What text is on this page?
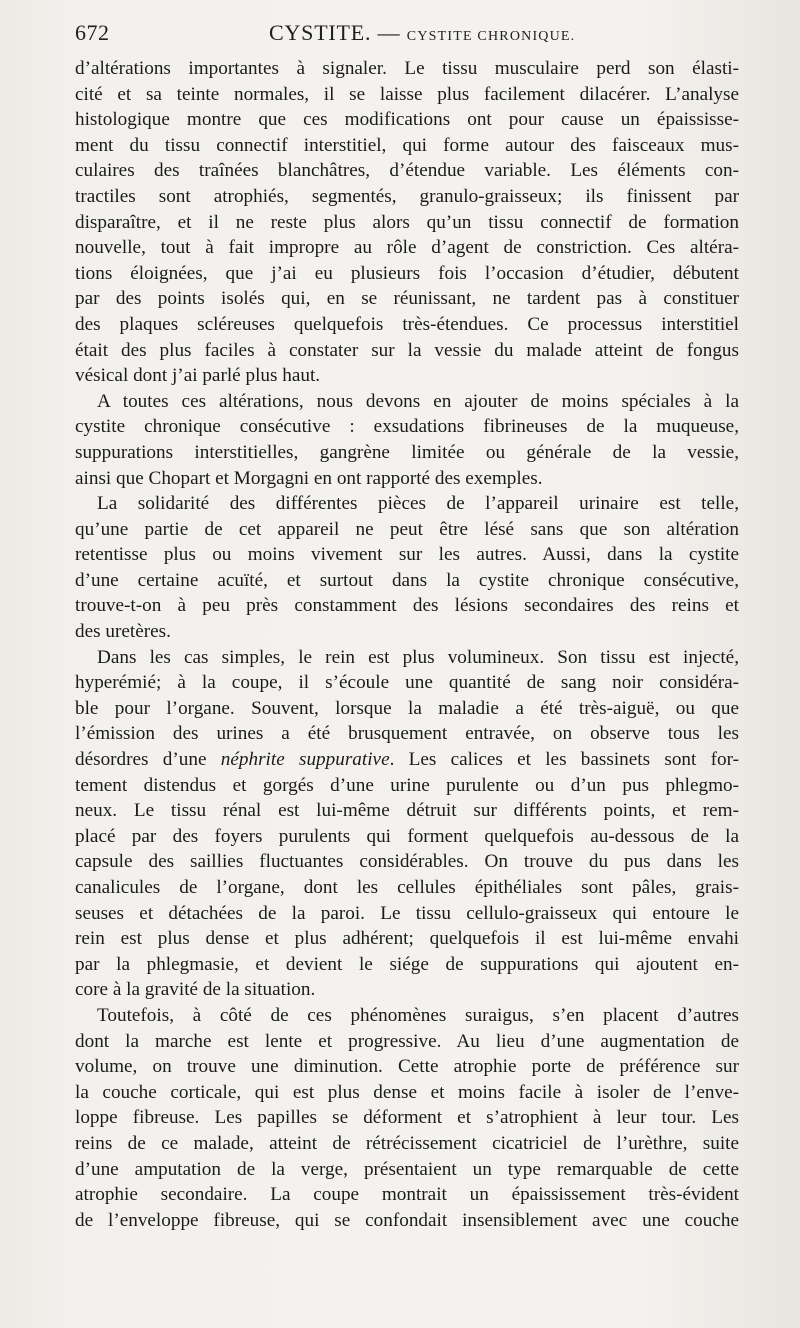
672	CYSTITE. — CYSTITE CHRONIQUE.
d’altérations importantes à signaler. Le tissu musculaire perd son élasti-
cité et sa teinte normales, il se laisse plus facilement dilacérer. L’analyse
histologique montre que ces modifications ont pour cause un épaississe-
ment du tissu connectif interstitiel, qui forme autour des faisceaux mus-
culaires des traînées blanchâtres, d’étendue variable. Les éléments con-
tractiles sont atrophiés, segmentés, granulo-graisseux; ils finissent par
disparaître, et il ne reste plus alors qu’un tissu connectif de formation
nouvelle, tout à fait impropre au rôle d’agent de constriction. Ces altéra-
tions éloignées, que j’ai eu plusieurs fois l’occasion d’étudier, débutent
par des points isolés qui, en se réunissant, ne tardent pas à constituer
des plaques scléreuses quelquefois très-étendues. Ce processus interstitiel
était des plus faciles à constater sur la vessie du malade atteint de fongus
vésical dont j’ai parlé plus haut.
A toutes ces altérations, nous devons en ajouter de moins spéciales à la
cystite chronique consécutive : exsudations fibrineuses de la muqueuse,
suppurations interstitielles, gangrène limitée ou générale de la vessie,
ainsi que Chopart et Morgagni en ont rapporté des exemples.
La solidarité des différentes pièces de l’appareil urinaire est telle,
qu’une partie de cet appareil ne peut être lésé sans que son altération
retentisse plus ou moins vivement sur les autres. Aussi, dans la cystite
d’une certaine acuïté, et surtout dans la cystite chronique consécutive,
trouve-t-on à peu près constamment des lésions secondaires des reins et
des uretères.
Dans les cas simples, le rein est plus volumineux. Son tissu est injecté,
hyperémié; à la coupe, il s’écoule une quantité de sang noir considéra-
ble pour l’organe. Souvent, lorsque la maladie a été très-aiguë, ou que
l’émission des urines a été brusquement entravée, on observe tous les
désordres d’une néphrite suppurative. Les calices et les bassinets sont for-
tement distendus et gorgés d’une urine purulente ou d’un pus phlegmo-
neux. Le tissu rénal est lui-même détruit sur différents points, et rem-
placé par des foyers purulents qui forment quelquefois au-dessous de la
capsule des saillies fluctuantes considérables. On trouve du pus dans les
canalicules de l’organe, dont les cellules épithéliales sont pâles, grais-
seuses et détachées de la paroi. Le tissu cellulo-graisseux qui entoure le
rein est plus dense et plus adhérent; quelquefois il est lui-même envahi
par la phlegmasie, et devient le siége de suppurations qui ajoutent en-
core à la gravité de la situation.
Toutefois, à côté de ces phénomènes suraigus, s’en placent d’autres
dont la marche est lente et progressive. Au lieu d’une augmentation de
volume, on trouve une diminution. Cette atrophie porte de préférence sur
la couche corticale, qui est plus dense et moins facile à isoler de l’enve-
loppe fibreuse. Les papilles se déforment et s’atrophient à leur tour. Les
reins de ce malade, atteint de rétrécissement cicatriciel de l’urèthre, suite
d’une amputation de la verge, présentaient un type remarquable de cette
atrophie secondaire. La coupe montrait un épaississement très-évident
de l’enveloppe fibreuse, qui se confondait insensiblement avec une couche
